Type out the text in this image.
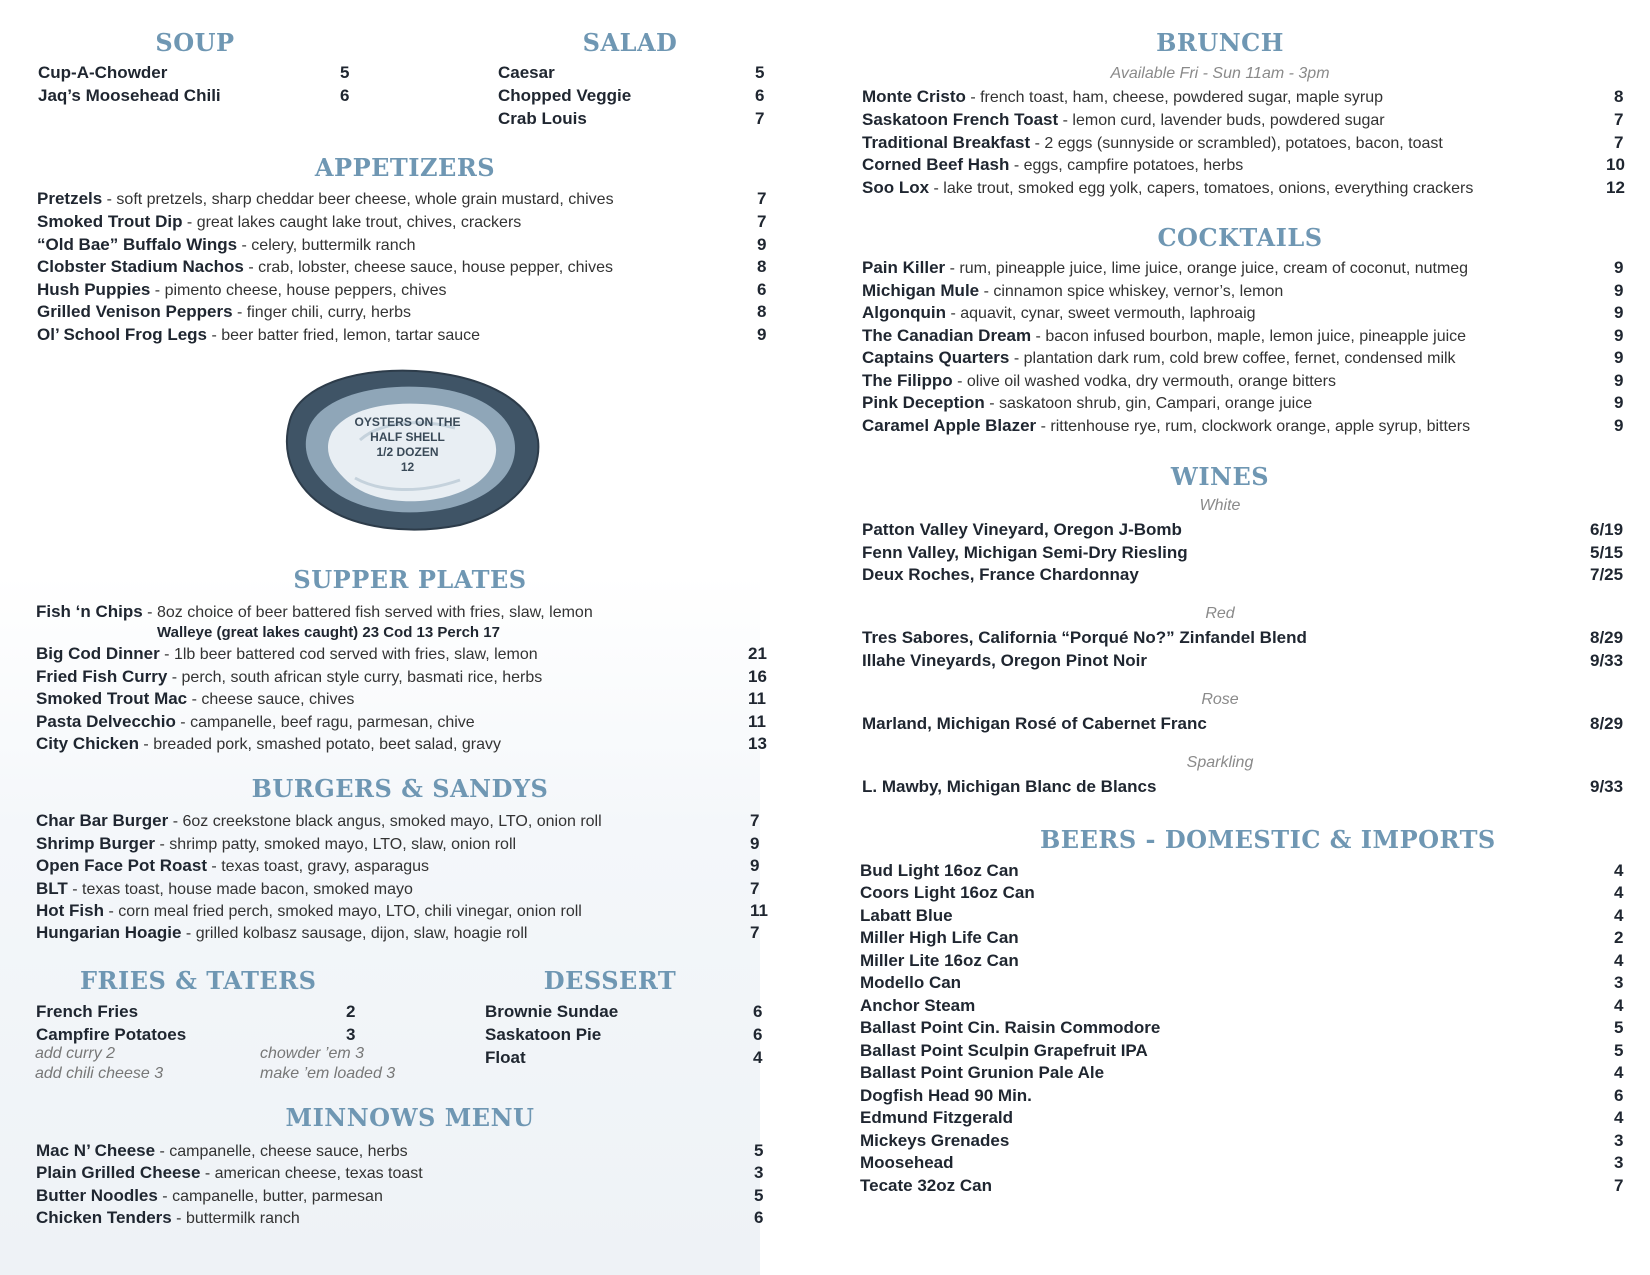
SOUP
Cup-A-Chowder	5
Jaq’s Moosehead Chili	6
SALAD
Caesar	5
Chopped Veggie	6
Crab Louis	7
APPETIZERS
Pretzels - soft pretzels, sharp cheddar beer cheese, whole grain mustard, chives	7
Smoked Trout Dip - great lakes caught lake trout, chives, crackers	7
“Old Bae” Buffalo Wings - celery, buttermilk ranch	9
Clobster Stadium Nachos - crab, lobster, cheese sauce, house pepper, chives	8
Hush Puppies - pimento cheese, house peppers, chives	6
Grilled Venison Peppers - finger chili, curry, herbs	8
Ol’ School Frog Legs - beer batter fried, lemon, tartar sauce	9
OYSTERS ON THE
HALF SHELL
1/2 DOZEN
12
SUPPER PLATES
Fish ‘n Chips - 8oz choice of beer battered fish served with fries, slaw, lemon
Walleye (great lakes caught) 23 Cod 13 Perch 17
Big Cod Dinner - 1lb beer battered cod served with fries, slaw, lemon	21
Fried Fish Curry - perch, south african style curry, basmati rice, herbs	16
Smoked Trout Mac - cheese sauce, chives	11
Pasta Delvecchio - campanelle, beef ragu, parmesan, chive	11
City Chicken - breaded pork, smashed potato, beet salad, gravy	13
BURGERS & SANDYS
Char Bar Burger - 6oz creekstone black angus, smoked mayo, LTO, onion roll	7
Shrimp Burger - shrimp patty, smoked mayo, LTO, slaw, onion roll	9
Open Face Pot Roast - texas toast, gravy, asparagus	9
BLT - texas toast, house made bacon, smoked mayo	7
Hot Fish - corn meal fried perch, smoked mayo, LTO, chili vinegar, onion roll	11
Hungarian Hoagie - grilled kolbasz sausage, dijon, slaw, hoagie roll	7
FRIES & TATERS
French Fries	2
Campfire Potatoes	3
add curry 2	chowder ’em 3
add chili cheese 3	make ’em loaded 3
DESSERT
Brownie Sundae	6
Saskatoon Pie	6
Float	4
MINNOWS MENU
Mac N’ Cheese - campanelle, cheese sauce, herbs	5
Plain Grilled Cheese - american cheese, texas toast	3
Butter Noodles - campanelle, butter, parmesan	5
Chicken Tenders - buttermilk ranch	6
BRUNCH
Available Fri - Sun 11am - 3pm
Monte Cristo - french toast, ham, cheese, powdered sugar, maple syrup	8
Saskatoon French Toast - lemon curd, lavender buds, powdered sugar	7
Traditional Breakfast - 2 eggs (sunnyside or scrambled), potatoes, bacon, toast	7
Corned Beef Hash - eggs, campfire potatoes, herbs	10
Soo Lox - lake trout, smoked egg yolk, capers, tomatoes, onions, everything crackers	12
COCKTAILS
Pain Killer - rum, pineapple juice, lime juice, orange juice, cream of coconut, nutmeg	9
Michigan Mule - cinnamon spice whiskey, vernor’s, lemon	9
Algonquin - aquavit, cynar, sweet vermouth, laphroaig	9
The Canadian Dream - bacon infused bourbon, maple, lemon juice, pineapple juice	9
Captains Quarters - plantation dark rum, cold brew coffee, fernet, condensed milk	9
The Filippo - olive oil washed vodka, dry vermouth, orange bitters	9
Pink Deception - saskatoon shrub, gin, Campari, orange juice	9
Caramel Apple Blazer - rittenhouse rye, rum, clockwork orange, apple syrup, bitters	9
WINES
White
Patton Valley Vineyard, Oregon J-Bomb	6/19
Fenn Valley, Michigan Semi-Dry Riesling	5/15
Deux Roches, France Chardonnay	7/25
Red
Tres Sabores, California “Porqué No?” Zinfandel Blend	8/29
Illahe Vineyards, Oregon Pinot Noir	9/33
Rose
Marland, Michigan Rosé of Cabernet Franc	8/29
Sparkling
L. Mawby, Michigan Blanc de Blancs	9/33
BEERS - DOMESTIC & IMPORTS
Bud Light 16oz Can	4
Coors Light 16oz Can	4
Labatt Blue	4
Miller High Life Can	2
Miller Lite 16oz Can	4
Modello Can	3
Anchor Steam	4
Ballast Point Cin. Raisin Commodore	5
Ballast Point Sculpin Grapefruit IPA	5
Ballast Point Grunion Pale Ale	4
Dogfish Head 90 Min.	6
Edmund Fitzgerald	4
Mickeys Grenades	3
Moosehead	3
Tecate 32oz Can	7
